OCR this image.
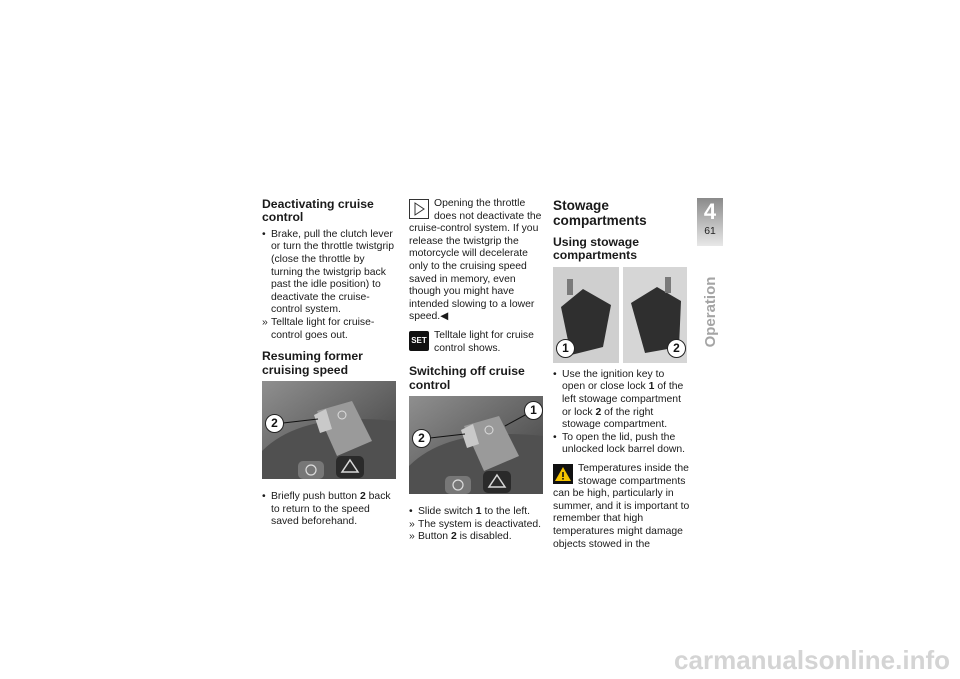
Deactivating cruise control
• Brake, pull the clutch lever or turn the throttle twistgrip (close the throttle by turning the twistgrip back past the idle position) to deactivate the cruise-control system.
» Telltale light for cruise-control goes out.
Resuming former cruising speed
2
• Briefly push button 2 back to return to the speed saved beforehand.
Opening the throttle does not deactivate the cruise-control system. If you release the twistgrip the motorcycle will decelerate only to the cruising speed saved in memory, even though you might have intended slowing to a lower speed.◀
SET Telltale light for cruise control shows.
Switching off cruise control
1
2
• Slide switch 1 to the left.
» The system is deactivated.
» Button 2 is disabled.
Stowage compartments
Using stowage compartments
1	2
• Use the ignition key to open or close lock 1 of the left stowage compartment or lock 2 of the right stowage compartment.
• To open the lid, push the unlocked lock barrel down.
Temperatures inside the stowage compartments can be high, particularly in summer, and it is important to remember that high temperatures might damage objects stowed in the
4
61
Operation
carmanualsonline.info
